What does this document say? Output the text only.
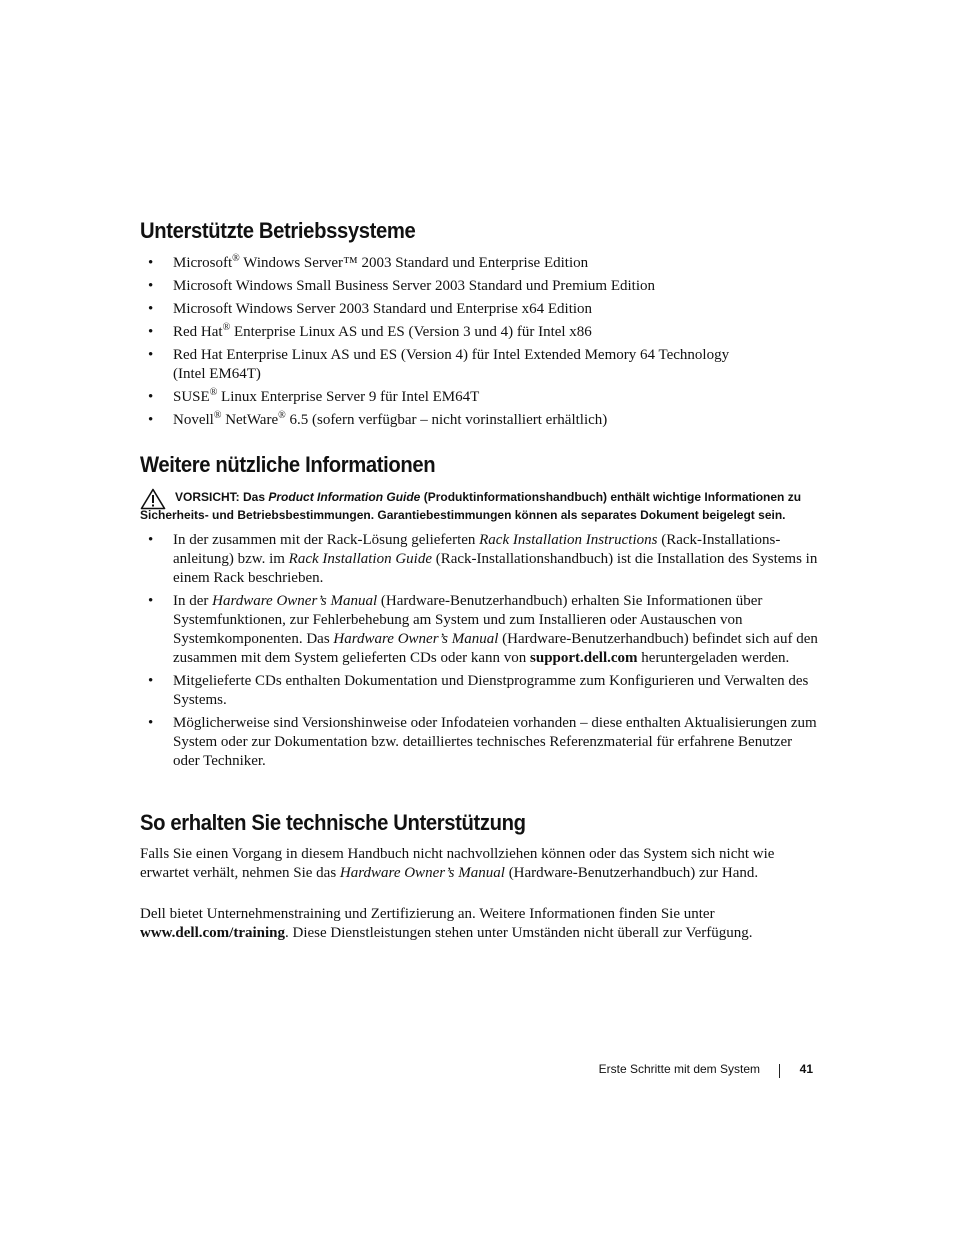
Unterstützte Betriebssysteme
• Microsoft® Windows Server™ 2003 Standard und Enterprise Edition
• Microsoft Windows Small Business Server 2003 Standard und Premium Edition
• Microsoft Windows Server 2003 Standard und Enterprise x64 Edition
• Red Hat® Enterprise Linux AS und ES (Version 3 und 4) für Intel x86
• Red Hat Enterprise Linux AS und ES (Version 4) für Intel Extended Memory 64 Technology (Intel EM64T)
• SUSE® Linux Enterprise Server 9 für Intel EM64T
• Novell® NetWare® 6.5 (sofern verfügbar – nicht vorinstalliert erhältlich)
Weitere nützliche Informationen
VORSICHT: Das Product Information Guide (Produktinformationshandbuch) enthält wichtige Informationen zu
Sicherheits- und Betriebsbestimmungen. Garantiebestimmungen können als separates Dokument beigelegt sein.
• In der zusammen mit der Rack-Lösung gelieferten Rack Installation Instructions (Rack-Installations-anleitung) bzw. im Rack Installation Guide (Rack-Installationshandbuch) ist die Installation des Systems in einem Rack beschrieben.
• In der Hardware Owner’s Manual (Hardware-Benutzerhandbuch) erhalten Sie Informationen über Systemfunktionen, zur Fehlerbehebung am System und zum Installieren oder Austauschen von Systemkomponenten. Das Hardware Owner’s Manual (Hardware-Benutzerhandbuch) befindet sich auf den zusammen mit dem System gelieferten CDs oder kann von support.dell.com heruntergeladen werden.
• Mitgelieferte CDs enthalten Dokumentation und Dienstprogramme zum Konfigurieren und Verwalten des Systems.
• Möglicherweise sind Versionshinweise oder Infodateien vorhanden – diese enthalten Aktualisierungen zum System oder zur Dokumentation bzw. detailliertes technisches Referenzmaterial für erfahrene Benutzer oder Techniker.
So erhalten Sie technische Unterstützung

Falls Sie einen Vorgang in diesem Handbuch nicht nachvollziehen können oder das System sich nicht wie erwartet verhält, nehmen Sie das Hardware Owner’s Manual (Hardware-Benutzerhandbuch) zur Hand.

Dell bietet Unternehmenstraining und Zertifizierung an. Weitere Informationen finden Sie unter www.dell.com/training. Diese Dienstleistungen stehen unter Umständen nicht überall zur Verfügung.

Erste Schritte mit dem System	41
